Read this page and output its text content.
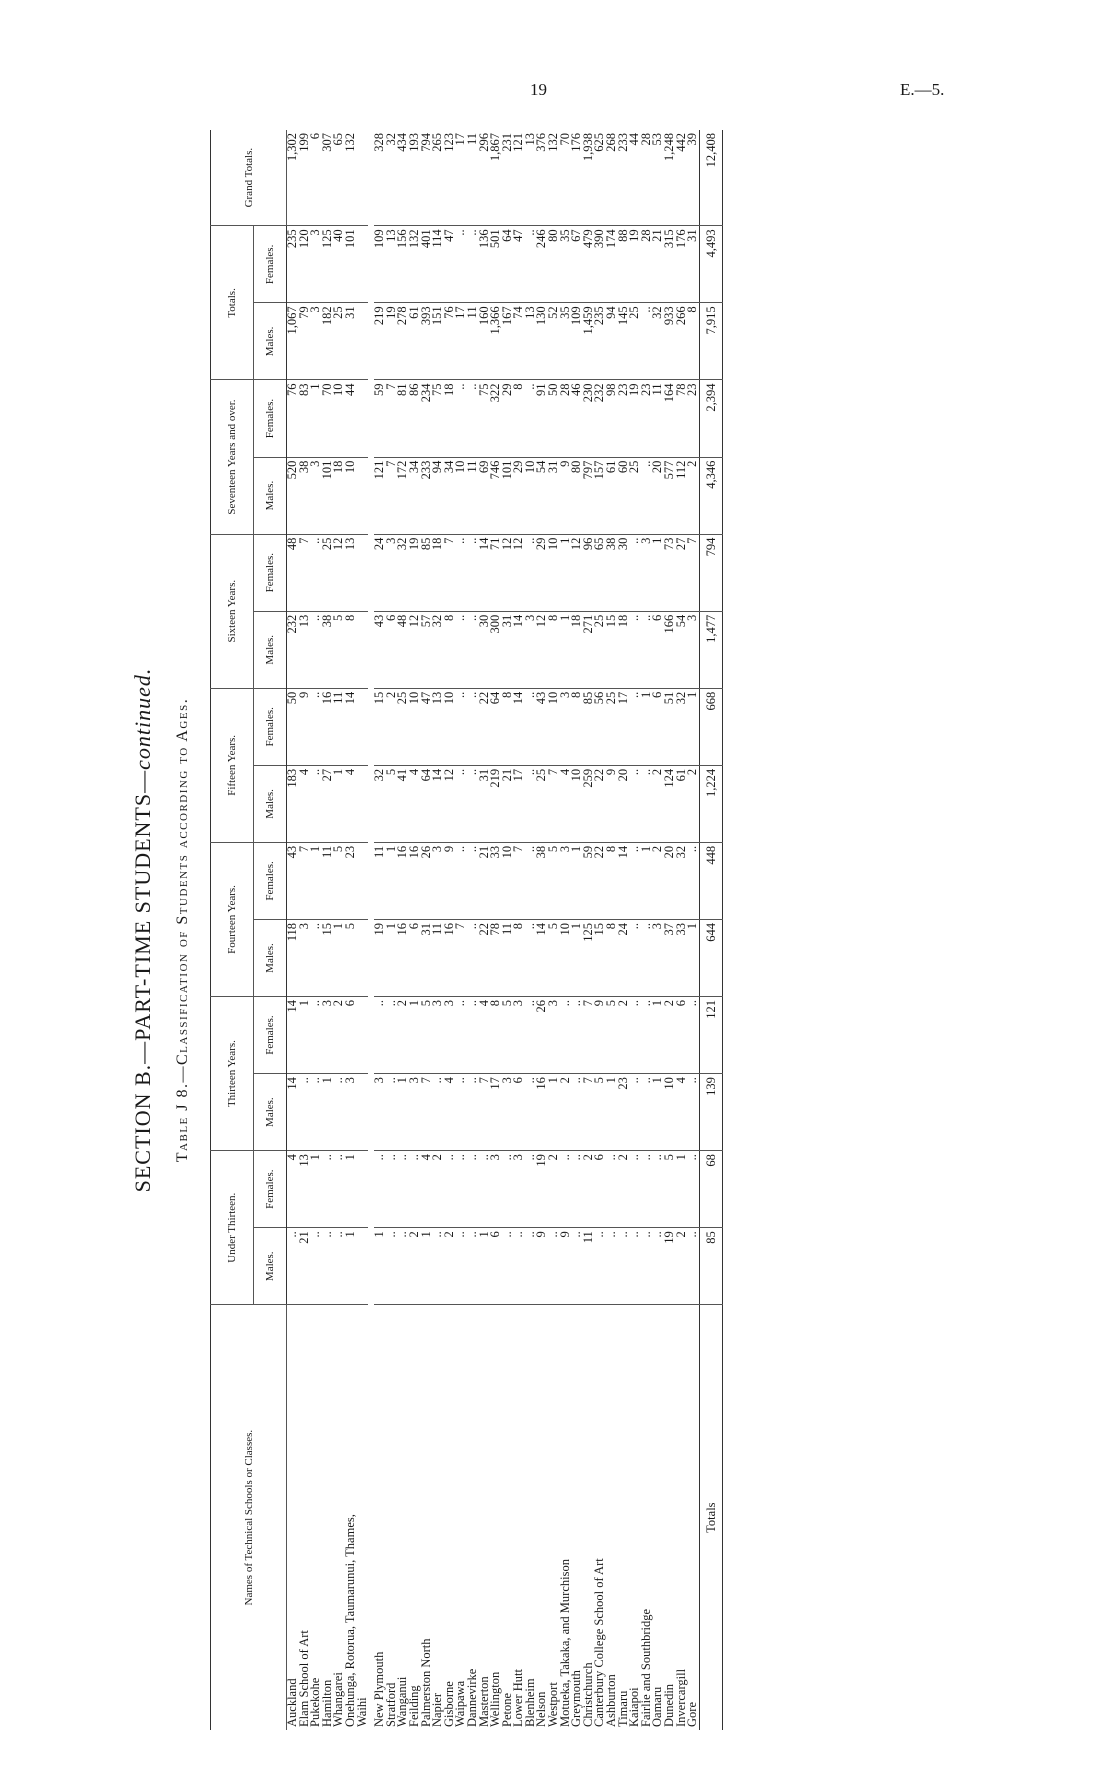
19	E.—5.
SECTION B.—PART-TIME STUDENTS—continued. Table J 8.—Classification of Students according to Ages.
Names of Technical Schools or Classes.	Under Thirteen.		Thirteen Years.		Fourteen Years.		Fifteen Years.		Sixteen Years.		Seventeen Years and over.		Totals.		Grand Totals.
	Males.	Females.	Males.	Females.	Males.	Females.	Males.	Females.	Males.	Females.	Males.	Females.	Males.	Females.	
Auckland	..	4	14	14	118	43	183	50	232	48	520	76	1,067	235	1,302
Elam School of Art	21	13	..	1	3	7	4	9	13	7	38	83	79	120	199
Pukekohe	..	1	..	..	..	1	..	..	..	..	3	1	3	3	6
Hamilton	..	..	1	3	15	11	27	16	38	25	101	70	182	125	307
Whangarei	..	..	..	2	1	5	1	11	5	12	18	10	25	40	65
Onehunga, Rotorua, Taumarunui, Thames,	1	1	3	6	5	23	4	14	8	13	10	44	31	101	132
Waihi															
New Plymouth	1	..	3	..	19	11	32	15	43	24	121	59	219	109	328
Stratford	..	..	..	..	1	1	5	2	6	3	7	7	19	13	32
Wanganui	..	..	1	2	16	16	41	25	48	32	172	81	278	156	434
Feilding	2	..	3	1	6	16	4	10	12	19	34	86	61	132	193
Palmerston North	1	4	7	5	31	26	64	47	57	85	233	234	393	401	794
Napier	..	2	..	3	11	3	14	13	32	18	94	75	151	114	265
Gisborne	2	..	4	3	16	9	12	10	8	7	34	18	76	47	123
Waipawa	..	..	..	..	7	..	..	..	..	..	10	..	17	..	17
Dannevirke	..	..	..	..	..	..	..	..	..	..	11	..	11	..	11
Masterton	1	..	7	4	22	21	31	22	30	14	69	75	160	136	296
Wellington	6	3	17	8	78	33	219	64	300	71	746	322	1,366	501	1,867
Petone	..	..	3	5	11	10	21	8	31	12	101	29	167	64	231
Lower Hutt	..	3	6	3	8	7	17	14	14	12	29	8	74	47	121
Blenheim	..	..	..	..	..	..	..	..	3	..	10	..	13	..	13
Nelson	9	19	16	26	14	38	25	43	12	29	54	91	130	246	376
Westport	..	2	1	3	5	5	7	10	8	10	31	50	52	80	132
Motueka, Takaka, and Murchison	9	..	2	..	10	3	4	3	1	1	9	28	35	35	70
Greymouth	..	..	..	..	1	1	10	8	18	12	80	46	109	67	176
Christchurch	11	2	7	7	125	59	259	85	271	96	797	230	1,459	479	1,938
Canterbury College School of Art	..	6	5	9	15	22	22	56	25	65	157	232	235	390	625
Ashburton	..	..	1	5	8	8	9	25	15	38	61	98	94	174	268
Timaru	..	2	23	2	24	14	20	17	18	30	60	23	145	88	233
Kaiapoi	..	..	..	..	..	..	..	..	..	..	25	19	25	19	44
Fairlie and Southbridge	..	..	..	..	..	1	..	1	..	3	..	23	..	28	28
Oamaru	..	..	1	1	3	2	2	6	6	1	20	11	32	21	53
Dunedin	19	5	10	2	37	20	124	51	166	73	577	164	933	315	1,248
Invercargill	2	1	4	6	33	32	61	32	54	27	112	78	266	176	442
Gore	..	..	..	..	1	..	2	1	3	7	2	23	8	31	39
Totals	85	68	139	121	644	448	1,224	668	1,477	794	4,346	2,394	7,915	4,493	12,408
